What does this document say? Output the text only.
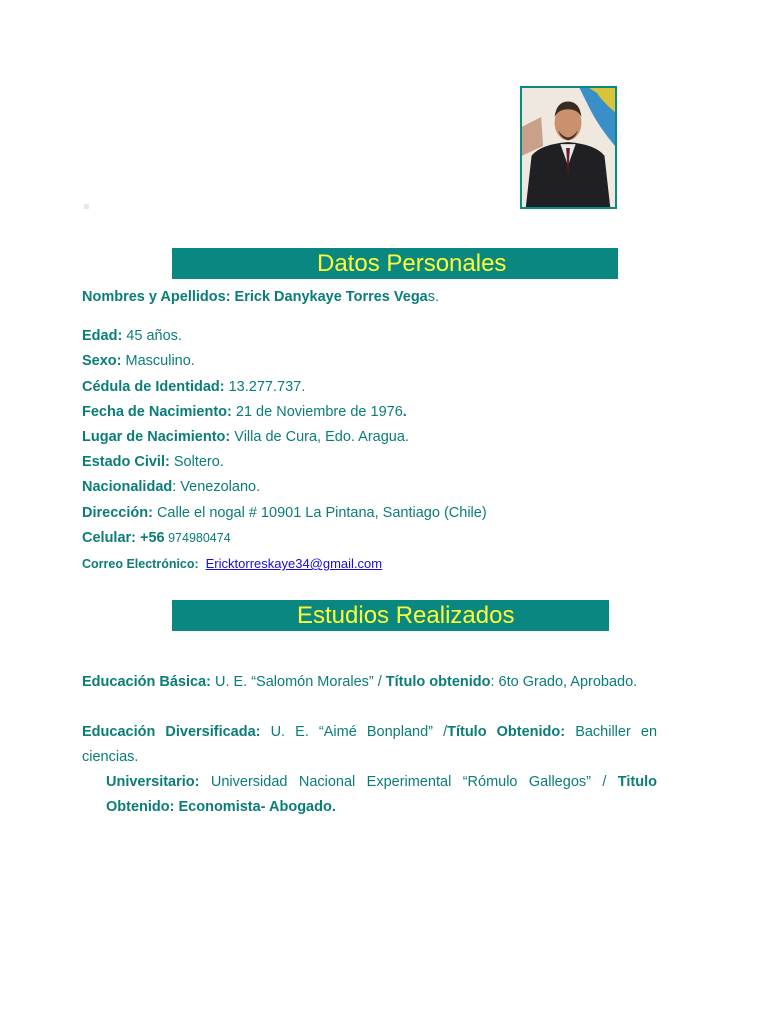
Datos Personales
Nombres y Apellidos: Erick Danykaye Torres Vegas.
Edad: 45 años.
Sexo: Masculino.
Cédula de Identidad: 13.277.737.
Fecha de Nacimiento: 21 de Noviembre de 1976.
Lugar de Nacimiento: Villa de Cura, Edo. Aragua.
Estado Civil: Soltero.
Nacionalidad: Venezolano.
Dirección: Calle el nogal # 10901 La Pintana, Santiago (Chile)
Celular: +56 974980474
Correo Electrónico: Ericktorreskaye34@gmail.com
Estudios Realizados
Educación Básica: U. E. “Salomón Morales” / Título obtenido: 6to Grado, Aprobado.
Educación Diversificada: U. E. “Aimé Bonpland” /Título Obtenido: Bachiller en ciencias.
Universitario: Universidad Nacional Experimental “Rómulo Gallegos” / Titulo Obtenido: Economista- Abogado.
